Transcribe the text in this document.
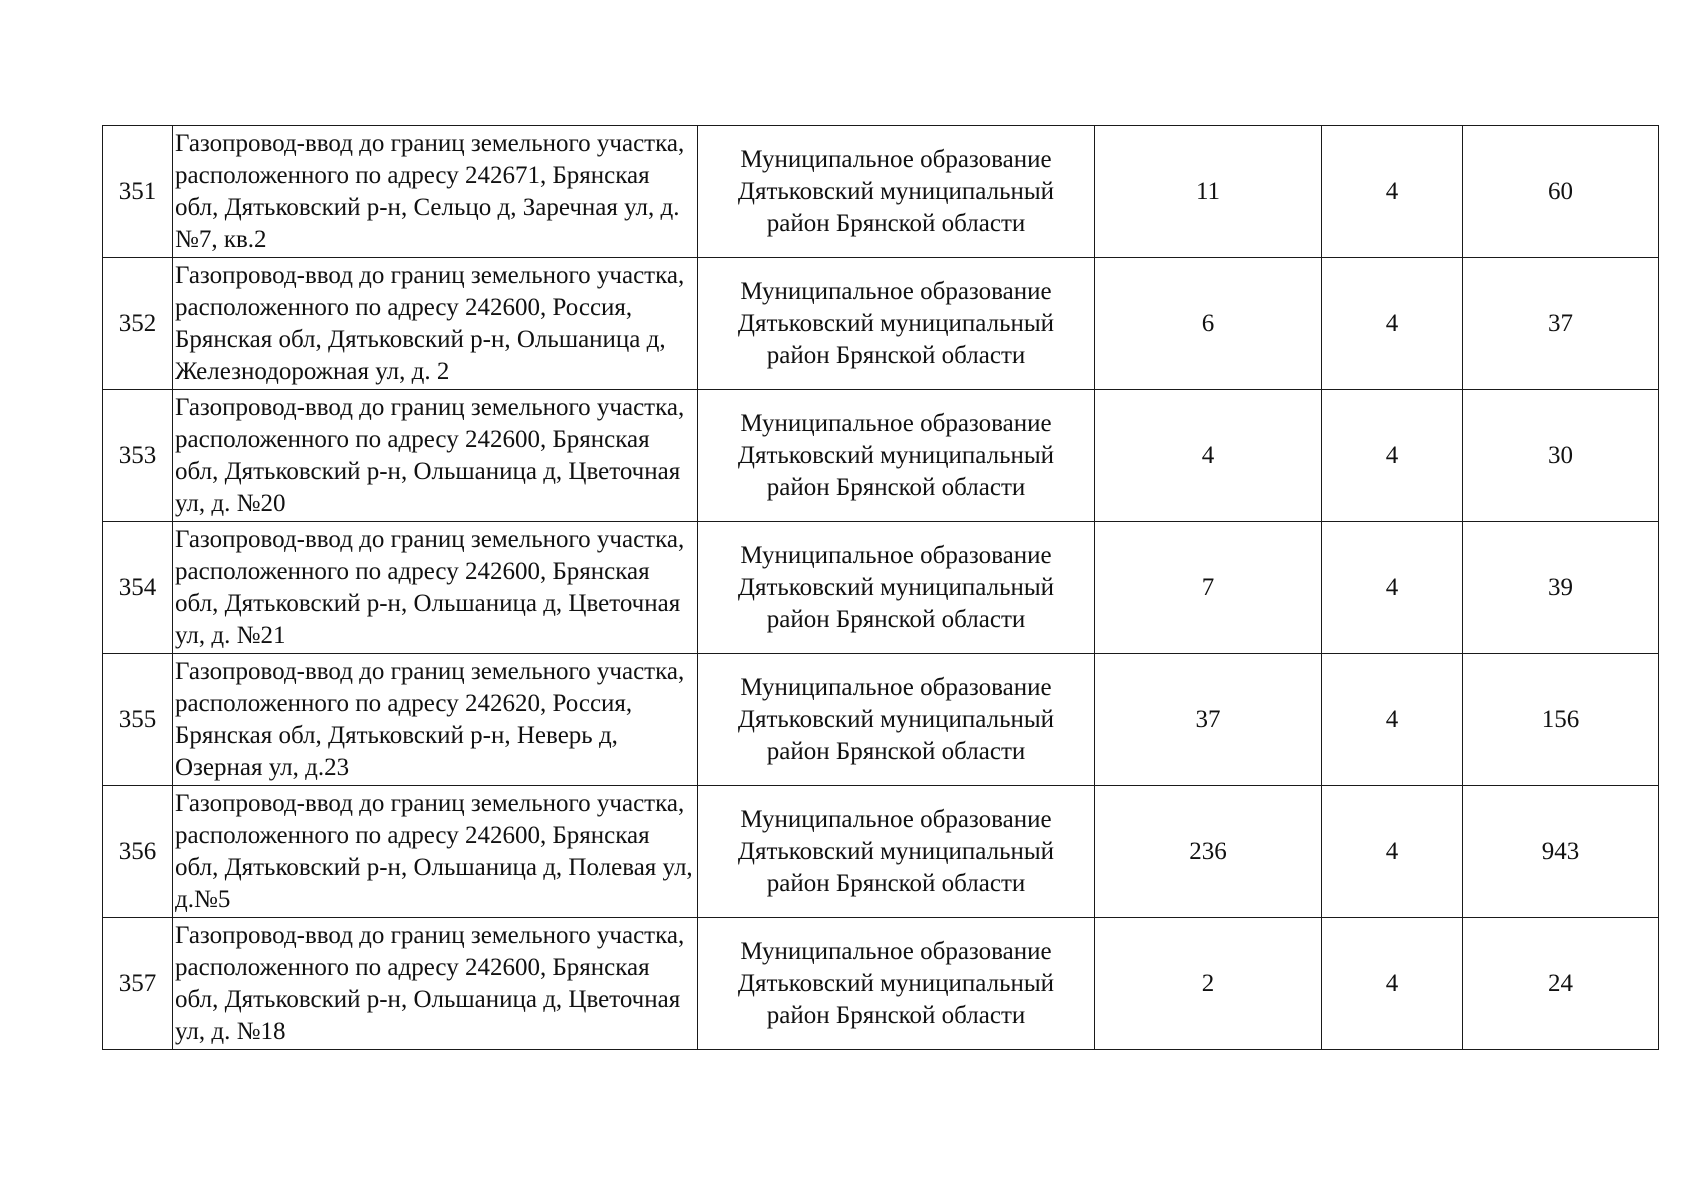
351	Газопровод-ввод до границ земельного участка, расположенного по адресу 242671, Брянская обл, Дятьковский р-н, Сельцо д, Заречная ул, д. №7, кв.2	Муниципальное образование Дятьковский муниципальный район Брянской области	11	4	60
352	Газопровод-ввод до границ земельного участка, расположенного по адресу 242600, Россия, Брянская обл, Дятьковский р-н, Ольшаница д, Железнодорожная ул, д. 2	Муниципальное образование Дятьковский муниципальный район Брянской области	6	4	37
353	Газопровод-ввод до границ земельного участка, расположенного по адресу 242600, Брянская обл, Дятьковский р-н, Ольшаница д, Цветочная ул, д. №20	Муниципальное образование Дятьковский муниципальный район Брянской области	4	4	30
354	Газопровод-ввод до границ земельного участка, расположенного по адресу 242600, Брянская обл, Дятьковский р-н, Ольшаница д, Цветочная ул, д. №21	Муниципальное образование Дятьковский муниципальный район Брянской области	7	4	39
355	Газопровод-ввод до границ земельного участка, расположенного по адресу 242620, Россия, Брянская обл, Дятьковский р-н, Неверь д, Озерная ул, д.23	Муниципальное образование Дятьковский муниципальный район Брянской области	37	4	156
356	Газопровод-ввод до границ земельного участка, расположенного по адресу 242600, Брянская обл, Дятьковский р-н, Ольшаница д, Полевая ул, д.№5	Муниципальное образование Дятьковский муниципальный район Брянской области	236	4	943
357	Газопровод-ввод до границ земельного участка, расположенного по адресу 242600, Брянская обл, Дятьковский р-н, Ольшаница д, Цветочная ул, д. №18	Муниципальное образование Дятьковский муниципальный район Брянской области	2	4	24
